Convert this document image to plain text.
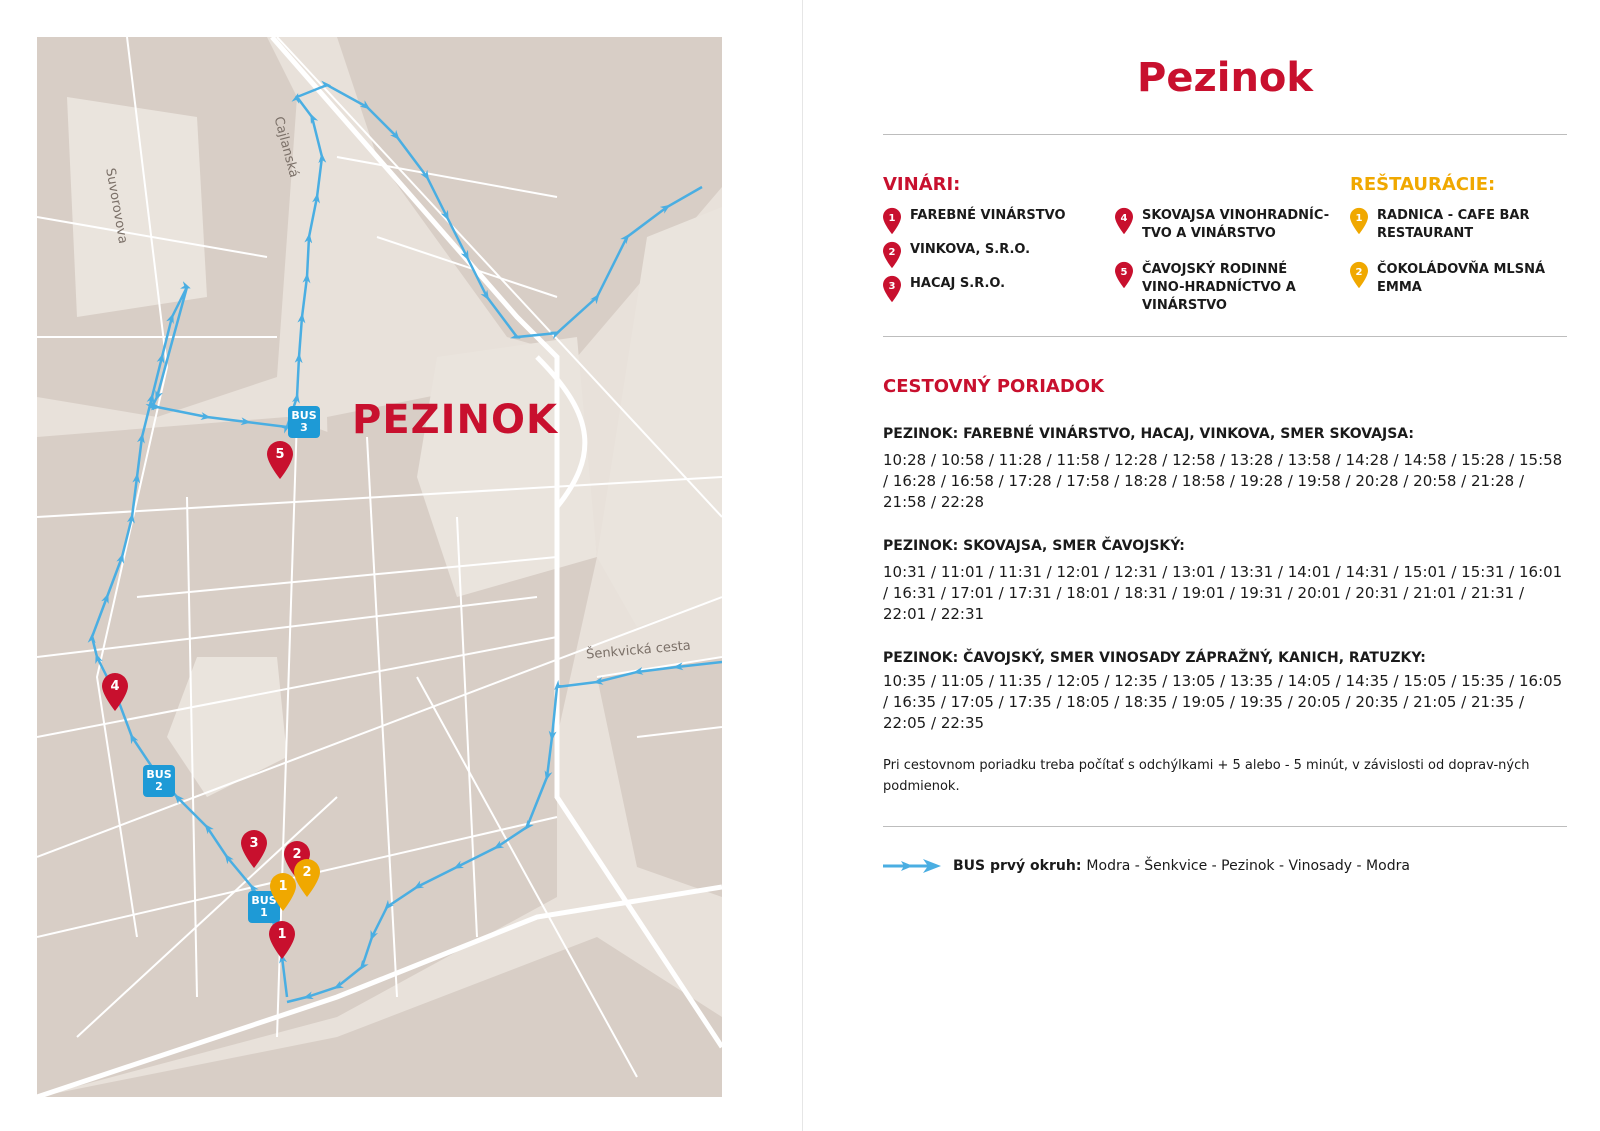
Suvorovova
Cajlanská
Šenkvická cesta
PEZINOK
BUS
1
BUS
2
BUS
3
1
2
3
4
5
1
2
Pezinok
VINÁRI:	REŠTAURÁCIE:
1	FAREBNÉ VINÁRSTVO
2	VINKOVA, S.R.O.
3	HACAJ S.R.O.
4	SKOVAJSA VINOHRADNÍC-TVO A VINÁRSTVO
5	ČAVOJSKÝ RODINNÉ VINO-HRADNÍCTVO A VINÁRSTVO
1	RADNICA - CAFE BAR RESTAURANT
2	ČOKOLÁDOVŇA MLSNÁ EMMA
CESTOVNÝ PORIADOK
PEZINOK: FAREBNÉ VINÁRSTVO, HACAJ, VINKOVA, SMER SKOVAJSA:
10:28 / 10:58 / 11:28 / 11:58 / 12:28 / 12:58 / 13:28 / 13:58 / 14:28 / 14:58 / 15:28 / 15:58 / 16:28 / 16:58 / 17:28 / 17:58 / 18:28 / 18:58 / 19:28 / 19:58 / 20:28 / 20:58 / 21:28 / 21:58 / 22:28
PEZINOK: SKOVAJSA, SMER ČAVOJSKÝ:
10:31 / 11:01 / 11:31 / 12:01 / 12:31 / 13:01 / 13:31 / 14:01 / 14:31 / 15:01 / 15:31 / 16:01 / 16:31 / 17:01 / 17:31 / 18:01 / 18:31 / 19:01 / 19:31 / 20:01 / 20:31 / 21:01 / 21:31 / 22:01 / 22:31
PEZINOK: ČAVOJSKÝ, SMER VINOSADY ZÁPRAŽNÝ, KANICH, RATUZKY:
10:35 / 11:05 / 11:35 / 12:05 / 12:35 / 13:05 / 13:35 / 14:05 / 14:35 / 15:05 / 15:35 / 16:05 / 16:35 / 17:05 / 17:35 / 18:05 / 18:35 / 19:05 / 19:35 / 20:05 / 20:35 / 21:05 / 21:35 / 22:05 / 22:35
Pri cestovnom poriadku treba počítať s odchýlkami + 5 alebo - 5 minút, v závislosti od doprav-ných podmienok.
BUS prvý okruh: Modra - Šenkvice - Pezinok - Vinosady - Modra
